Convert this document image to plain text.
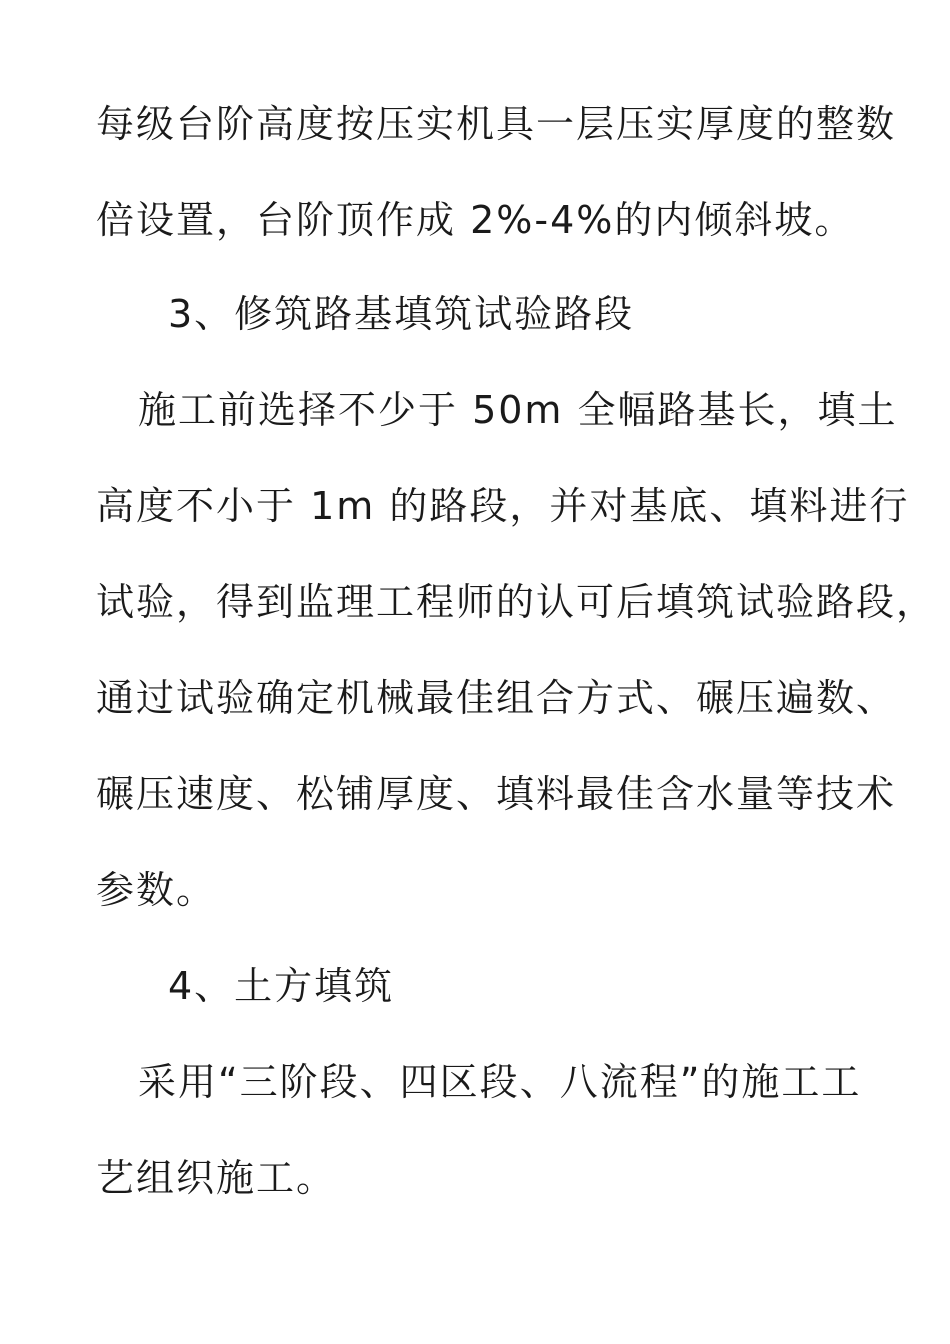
每级台阶高度按压实机具一层压实厚度的整数
倍设置，台阶顶作成 2%-4%的内倾斜坡。
3、修筑路基填筑试验路段
施工前选择不少于 50m 全幅路基长，填土
高度不小于 1m 的路段，并对基底、填料进行
试验，得到监理工程师的认可后填筑试验路段，
通过试验确定机械最佳组合方式、碾压遍数、
碾压速度、松铺厚度、填料最佳含水量等技术
参数。
4、土方填筑
采用“三阶段、四区段、八流程”的施工工
艺组织施工。
